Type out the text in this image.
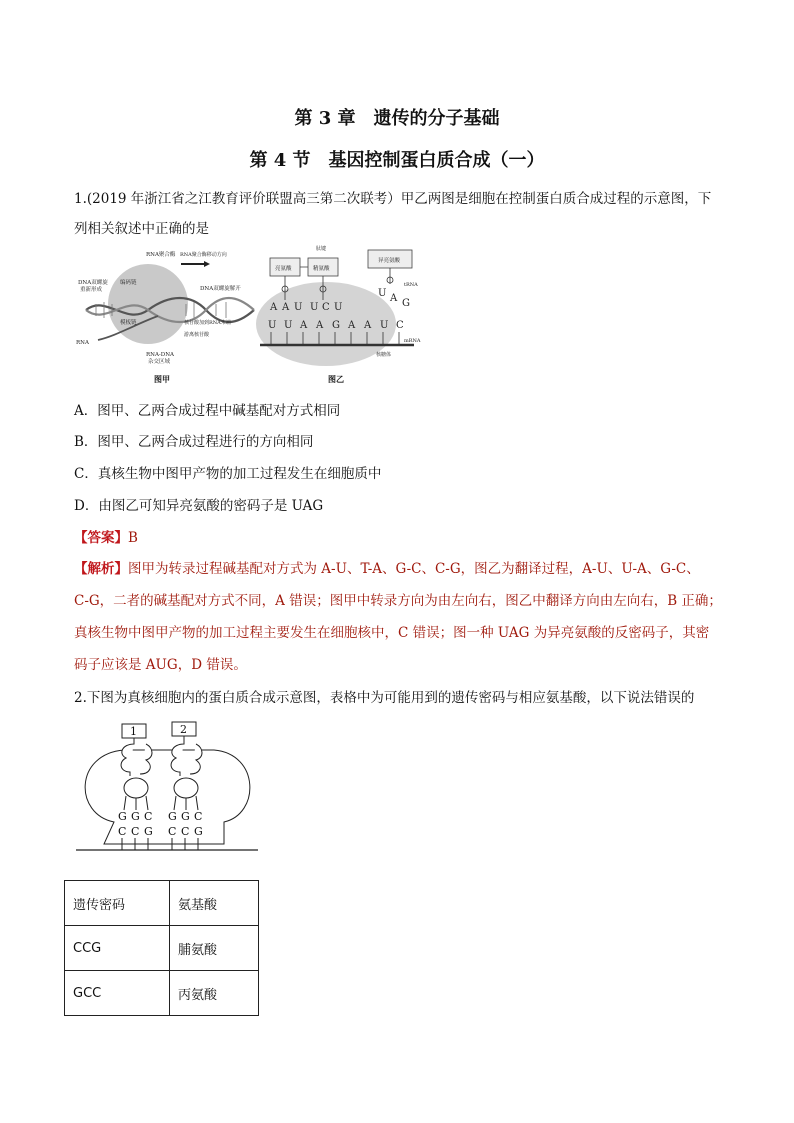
第 3 章　遗传的分子基础
第 4 节　基因控制蛋白质合成（一）
1.(2019 年浙江省之江教育评价联盟高三第二次联考）甲乙两图是细胞在控制蛋白质合成过程的示意图，下
列相关叙述中正确的是
DNA双螺旋
重新形成
编码链
RNA聚合酶 RNA聚合酶移动方向
DNA双螺旋解开
模板链	核苷酸加到RNA末端
游离核苷酸
RNA
RNA-DNA
杂交区域
图甲
肽键
亮氨酸	精氨酸
异亮氨酸
A A U U C U
U A G
tRNA
U U A A G A A U C
mRNA
核糖体
图乙
A．图甲、乙两合成过程中碱基配对方式相同
B．图甲、乙两合成过程进行的方向相同
C．真核生物中图甲产物的加工过程发生在细胞质中
D．由图乙可知异亮氨酸的密码子是 UAG
【答案】B
【解析】图甲为转录过程碱基配对方式为 A-U、T-A、G-C、C-G，图乙为翻译过程，A-U、U-A、G-C、
C-G，二者的碱基配对方式不同，A 错误；图甲中转录方向为由左向右，图乙中翻译方向由左向右，B 正确；
真核生物中图甲产物的加工过程主要发生在细胞核中，C 错误；图一种 UAG 为异亮氨酸的反密码子，其密
码子应该是 AUG，D 错误。
2.下图为真核细胞内的蛋白质合成示意图，表格中为可能用到的遗传密码与相应氨基酸，以下说法错误的
1	2
G G C G G C
C C G C C G
遗传密码	氨基酸
CCG	脯氨酸
GCC	丙氨酸
